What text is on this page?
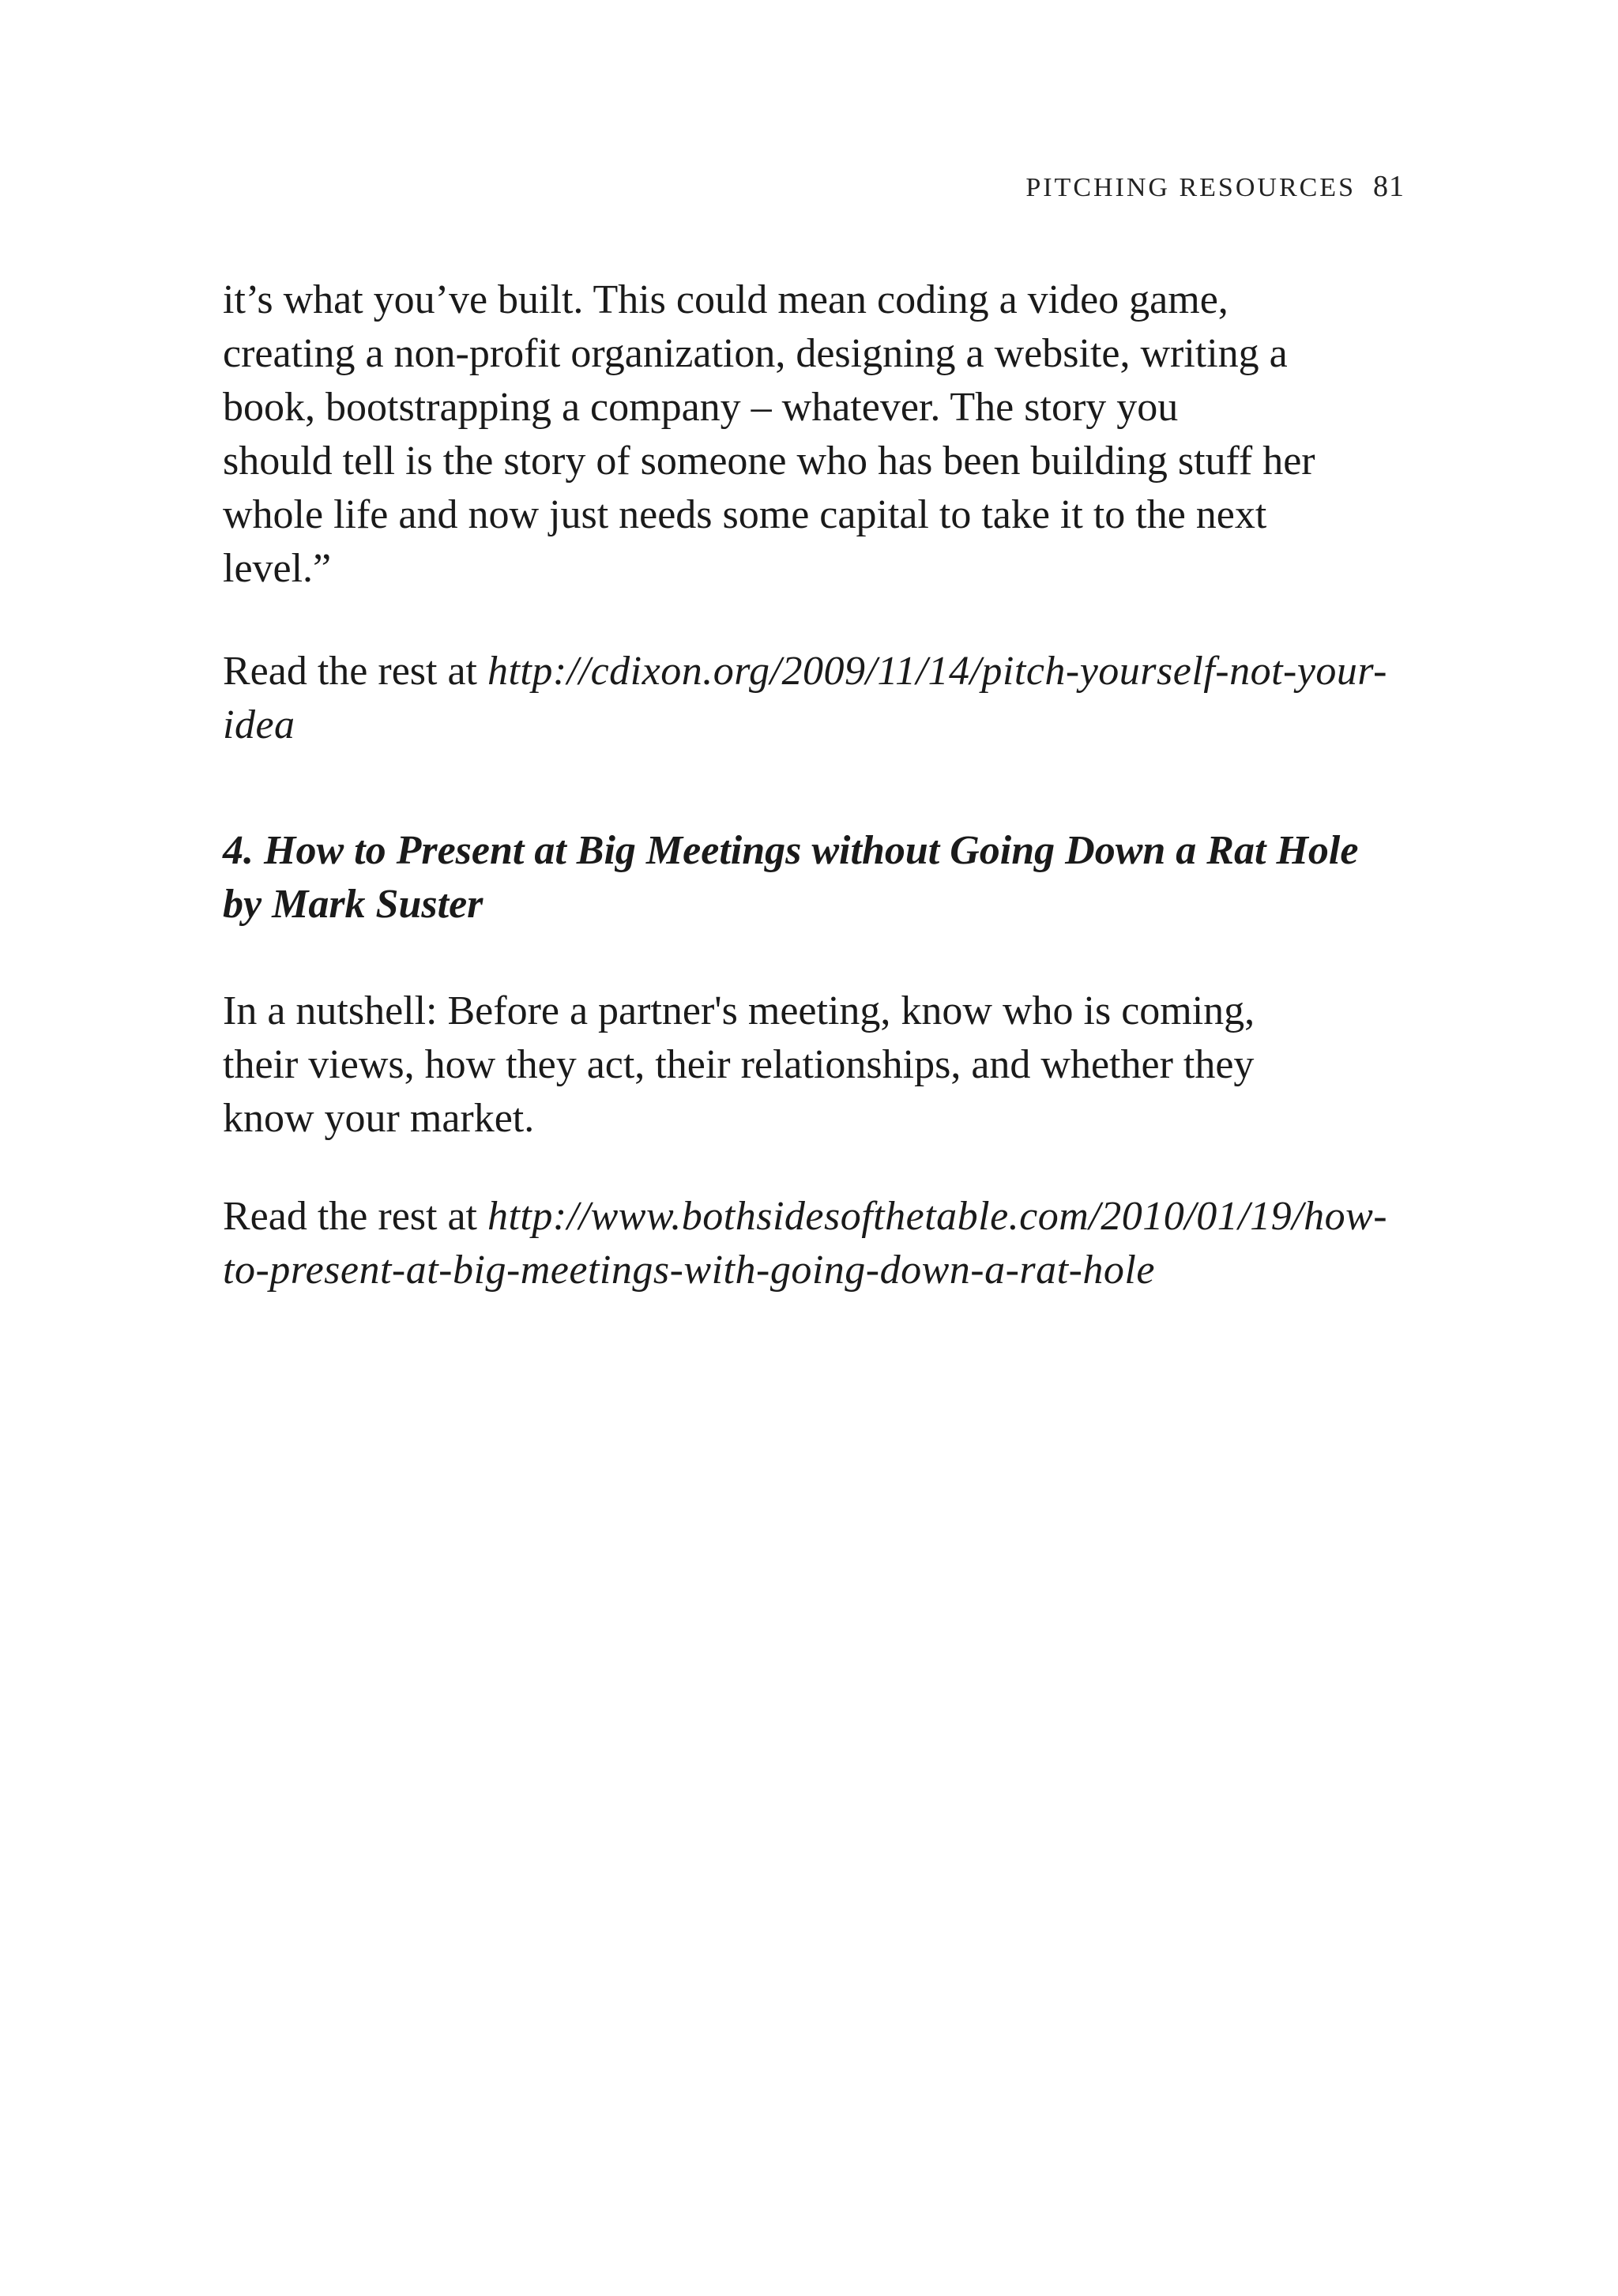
PITCHING RESOURCES 81

it’s what you’ve built. This could mean coding a video game,
creating a non-profit organization, designing a website, writing a
book, bootstrapping a company – whatever. The story you
should tell is the story of someone who has been building stuff her
whole life and now just needs some capital to take it to the next
level.”

Read the rest at http://cdixon.org/2009/11/14/pitch-yourself-not-your-
idea

4. How to Present at Big Meetings without Going Down a Rat Hole
by Mark Suster

In a nutshell: Before a partner's meeting, know who is coming,
their views, how they act, their relationships, and whether they
know your market.

Read the rest at http://www.bothsidesofthetable.com/2010/01/19/how-
to-present-at-big-meetings-with-going-down-a-rat-hole
